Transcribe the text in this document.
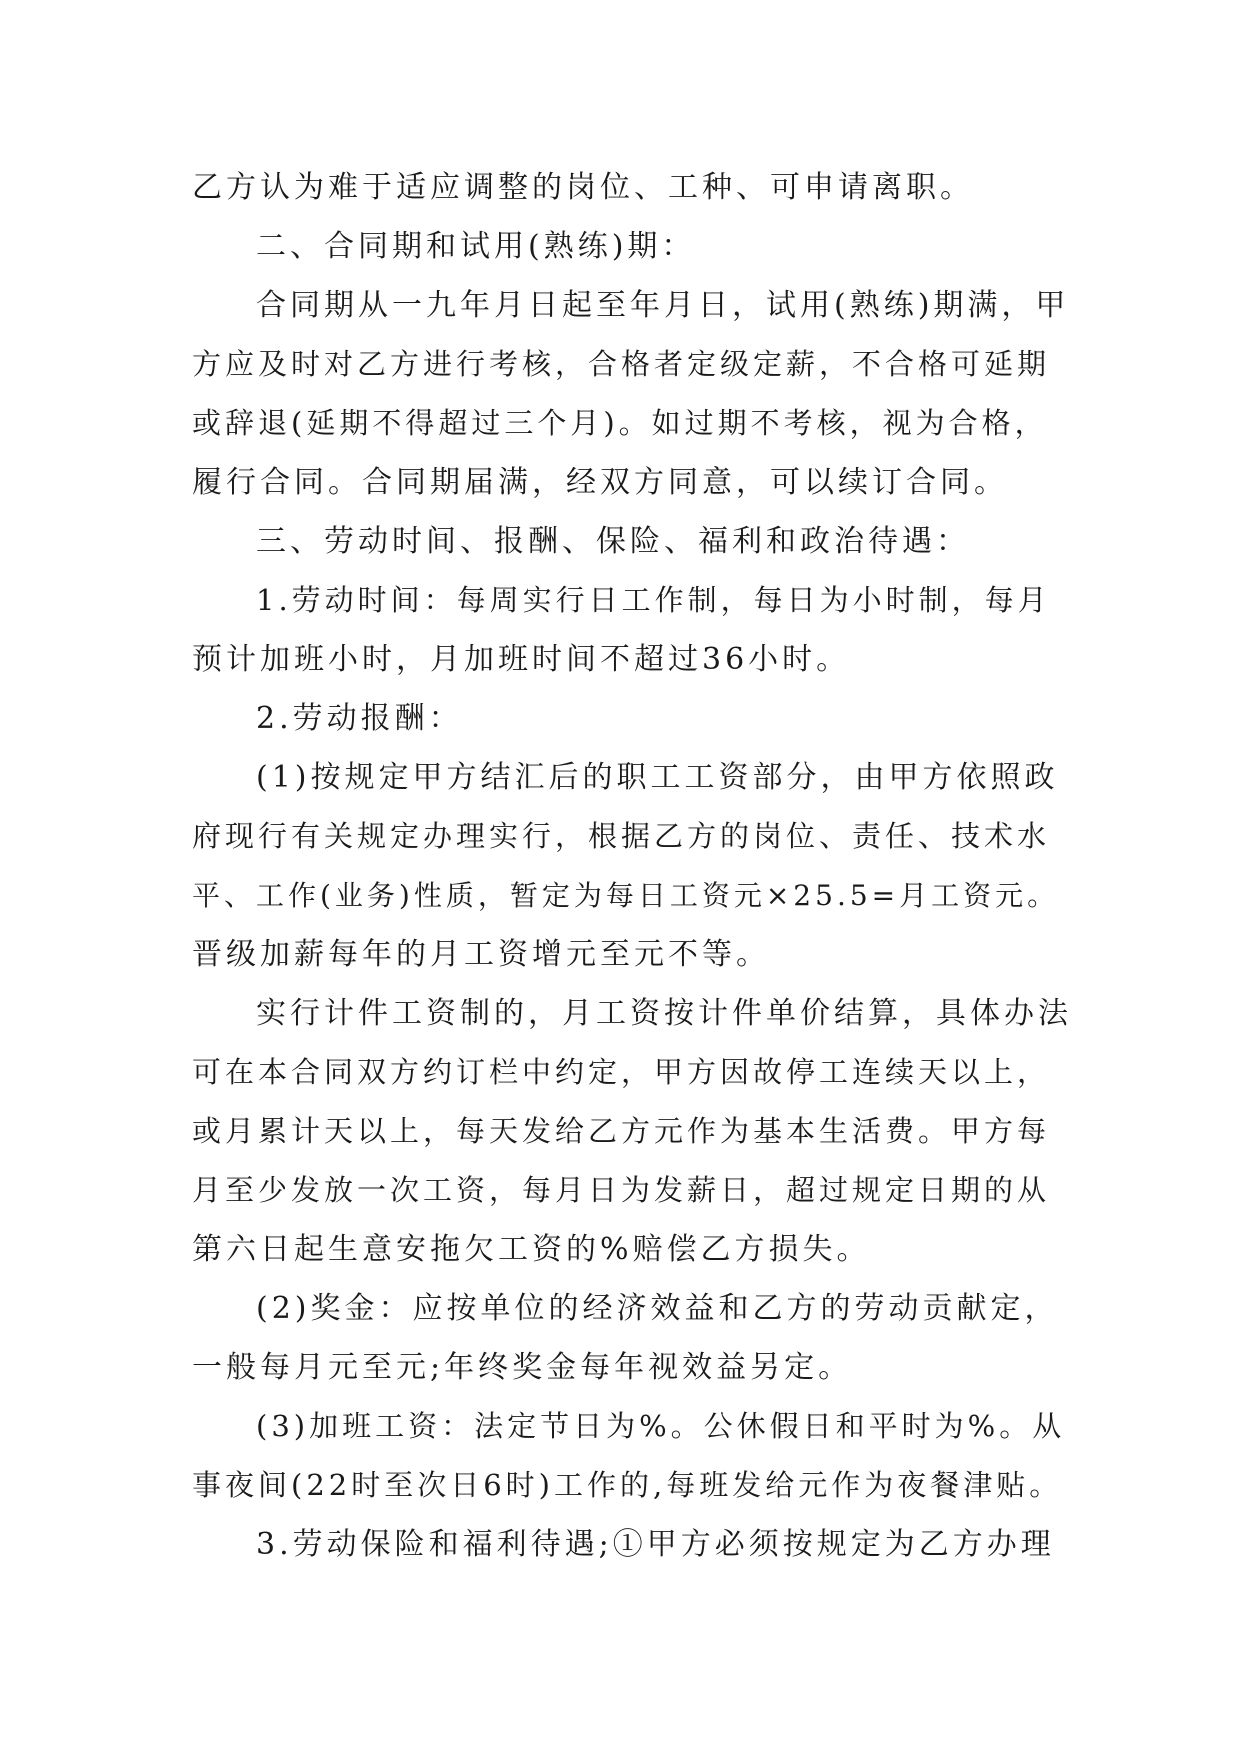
乙方认为难于适应调整的岗位、工种、可申请离职。
二、合同期和试用(熟练)期：
合同期从一九年月日起至年月日，试用(熟练)期满，甲
方应及时对乙方进行考核，合格者定级定薪，不合格可延期
或辞退(延期不得超过三个月)。如过期不考核，视为合格，
履行合同。合同期届满，经双方同意，可以续订合同。
三、劳动时间、报酬、保险、福利和政治待遇：
1.劳动时间：每周实行日工作制，每日为小时制，每月
预计加班小时，月加班时间不超过36小时。
2.劳动报酬：
(1)按规定甲方结汇后的职工工资部分，由甲方依照政
府现行有关规定办理实行，根据乙方的岗位、责任、技术水
平、工作(业务)性质，暂定为每日工资元×25.5=月工资元。
晋级加薪每年的月工资增元至元不等。
实行计件工资制的，月工资按计件单价结算，具体办法
可在本合同双方约订栏中约定，甲方因故停工连续天以上，
或月累计天以上，每天发给乙方元作为基本生活费。甲方每
月至少发放一次工资，每月日为发薪日，超过规定日期的从
第六日起生意安拖欠工资的%赔偿乙方损失。
(2)奖金：应按单位的经济效益和乙方的劳动贡献定，
一般每月元至元;年终奖金每年视效益另定。
(3)加班工资：法定节日为%。公休假日和平时为%。从
事夜间(22时至次日6时)工作的,每班发给元作为夜餐津贴。
3.劳动保险和福利待遇;①甲方必须按规定为乙方办理
